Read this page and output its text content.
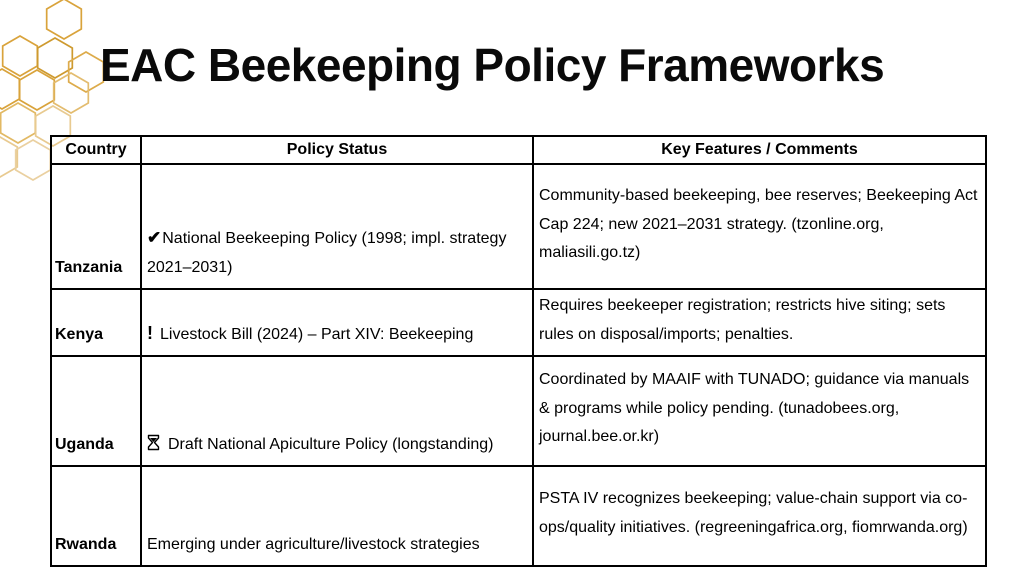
EAC Beekeeping Policy Frameworks
Country	Policy Status	Key Features / Comments
Tanzania	✔National Beekeeping Policy (1998; impl. strategy 2021–2031)	Community-based beekeeping, bee reserves; Beekeeping Act Cap 224; new 2021–2031 strategy. (tzonline.org, maliasili.go.tz)
Kenya	! Livestock Bill (2024) – Part XIV: Beekeeping	Requires beekeeper registration; restricts hive siting; sets rules on disposal/imports; penalties.
Uganda	Draft National Apiculture Policy (longstanding)	Coordinated by MAAIF with TUNADO; guidance via manuals & programs while policy pending. (tunadobees.org, journal.bee.or.kr)
Rwanda	Emerging under agriculture/livestock strategies	PSTA IV recognizes beekeeping; value-chain support via co-ops/quality initiatives. (regreeningafrica.org, fiomrwanda.org)
